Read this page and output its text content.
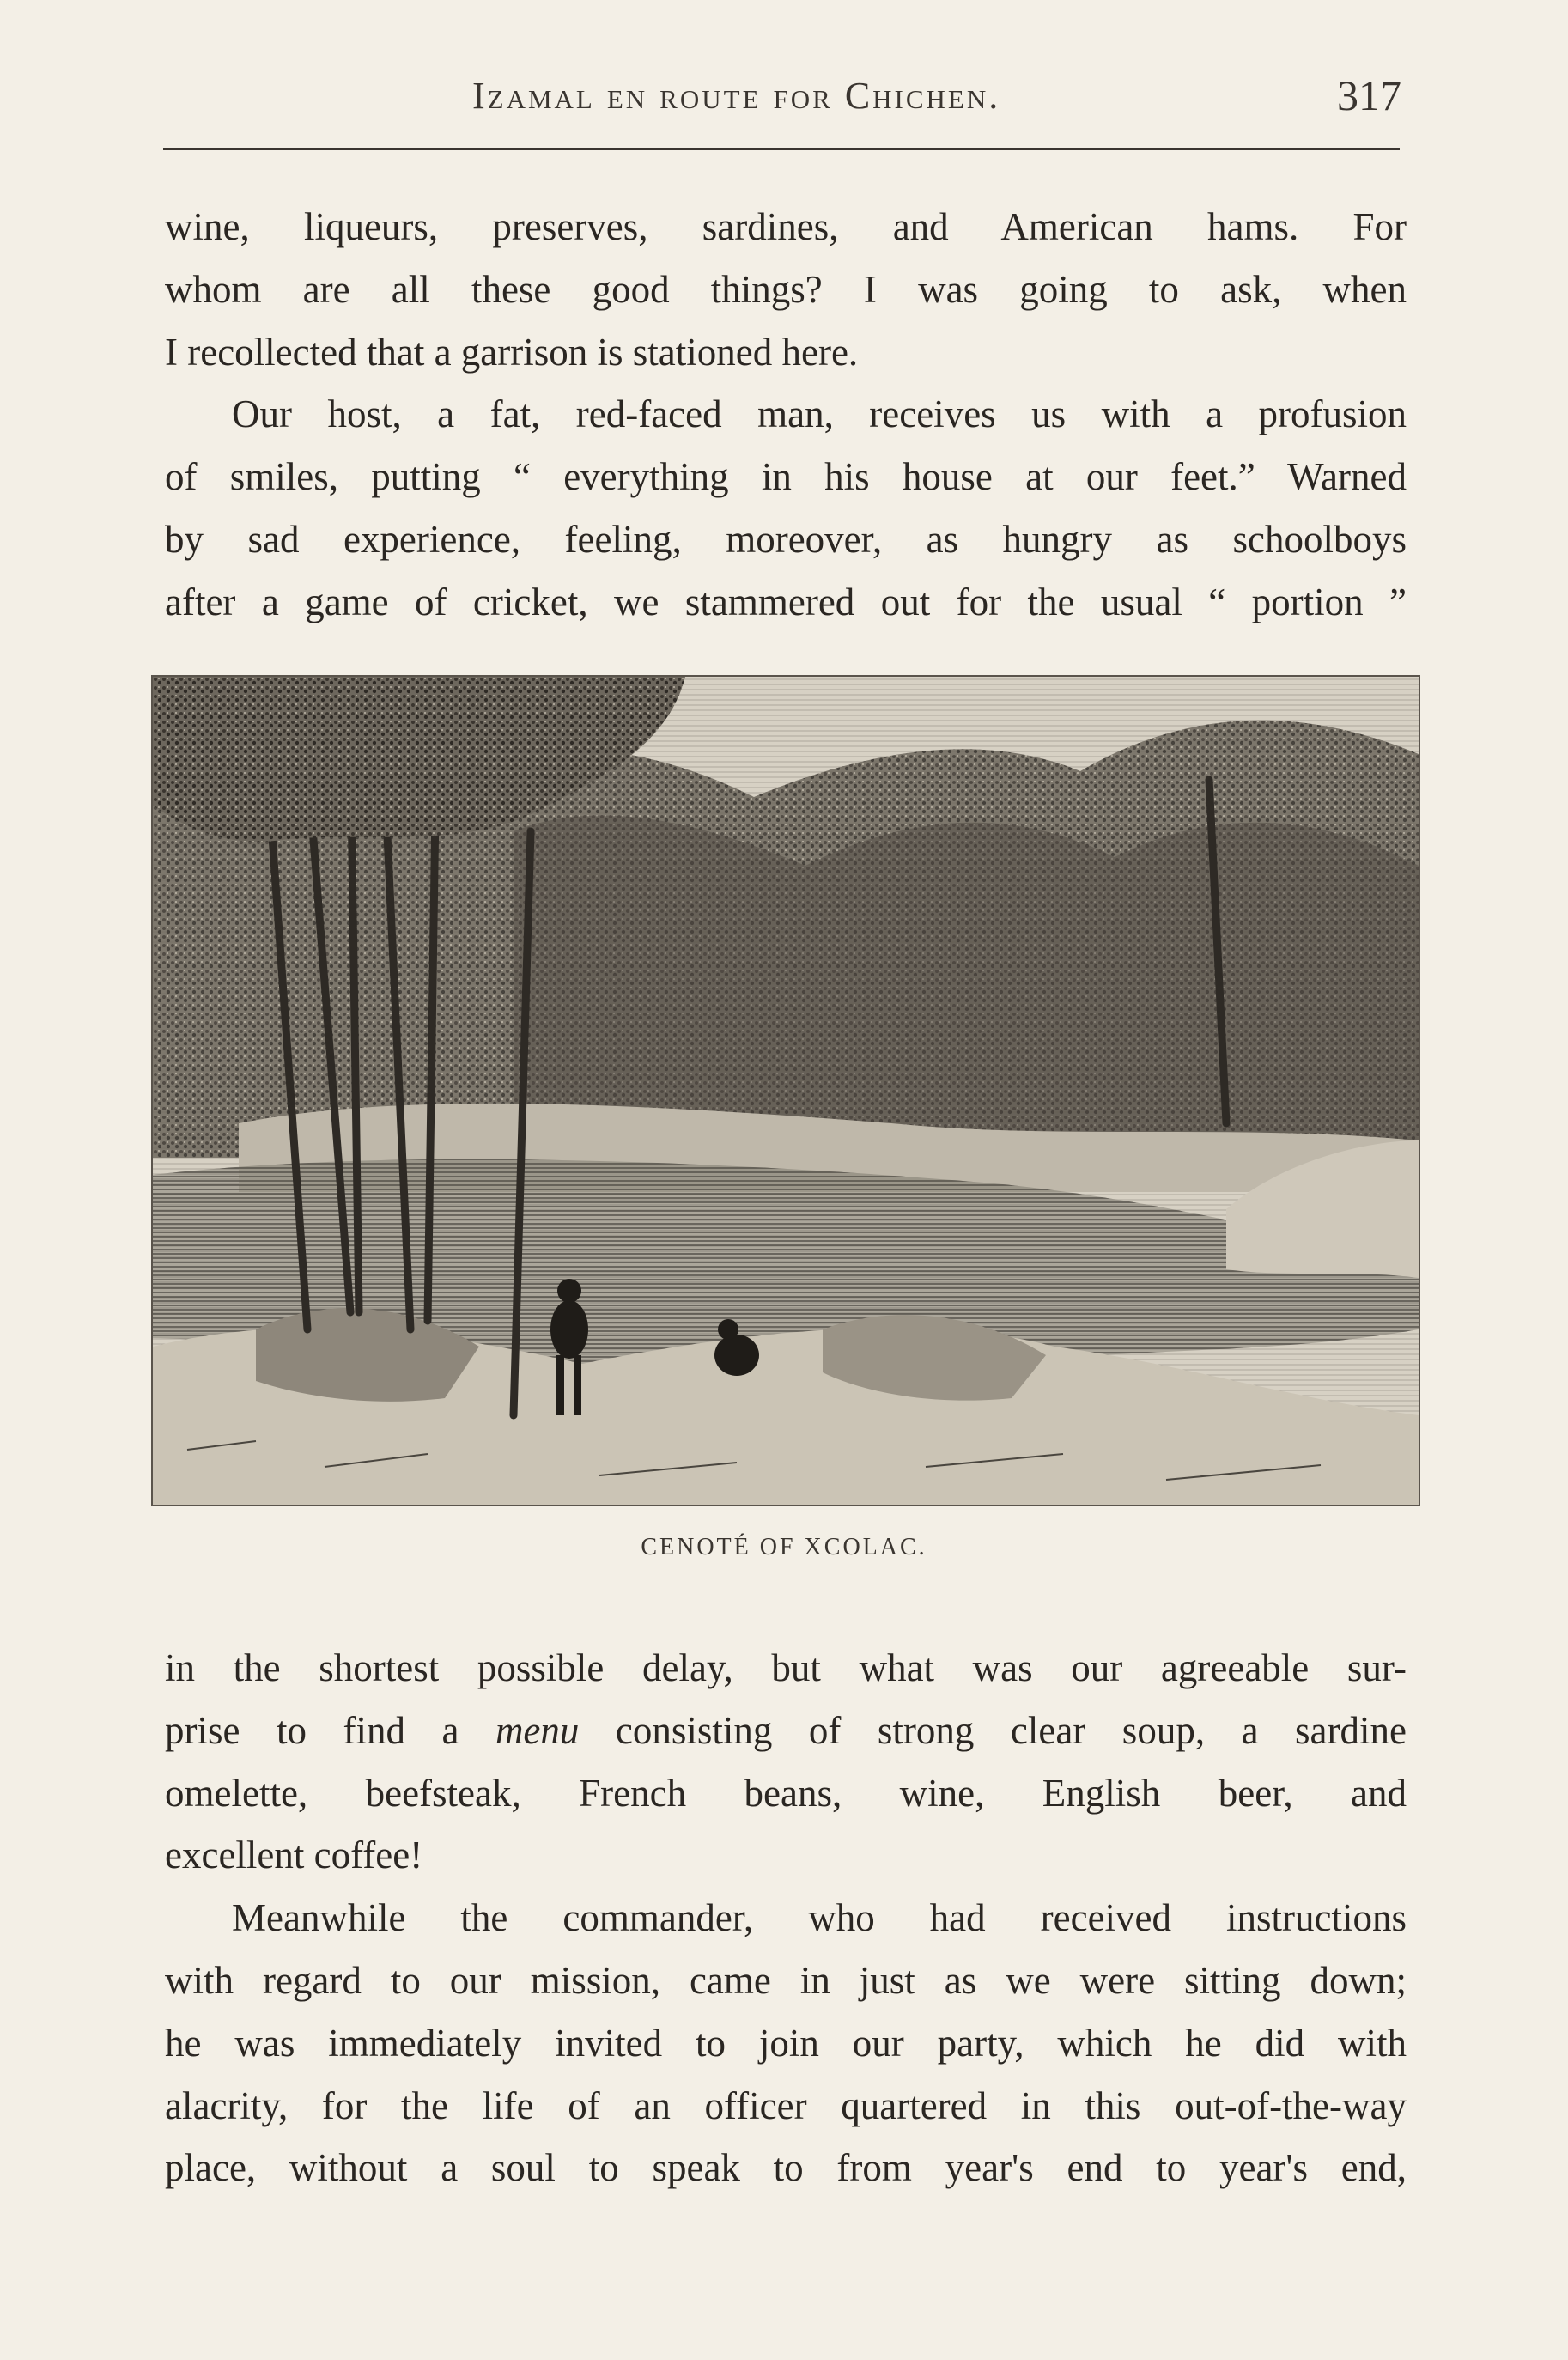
Izamal en route for Chichen.	317
wine, liqueurs, preserves, sardines, and American hams. For
whom are all these good things? I was going to ask, when
I recollected that a garrison is stationed here.
Our host, a fat, red-faced man, receives us with a profusion
of smiles, putting “ everything in his house at our feet.” Warned
by sad experience, feeling, moreover, as hungry as schoolboys
after a game of cricket, we stammered out for the usual “ portion ”
CENOTÉ OF XCOLAC.
in the shortest possible delay, but what was our agreeable sur-
prise to find a menu consisting of strong clear soup, a sardine
omelette, beefsteak, French beans, wine, English beer, and
excellent coffee!
Meanwhile the commander, who had received instructions
with regard to our mission, came in just as we were sitting down;
he was immediately invited to join our party, which he did with
alacrity, for the life of an officer quartered in this out-of-the-way
place, without a soul to speak to from year's end to year's end,
